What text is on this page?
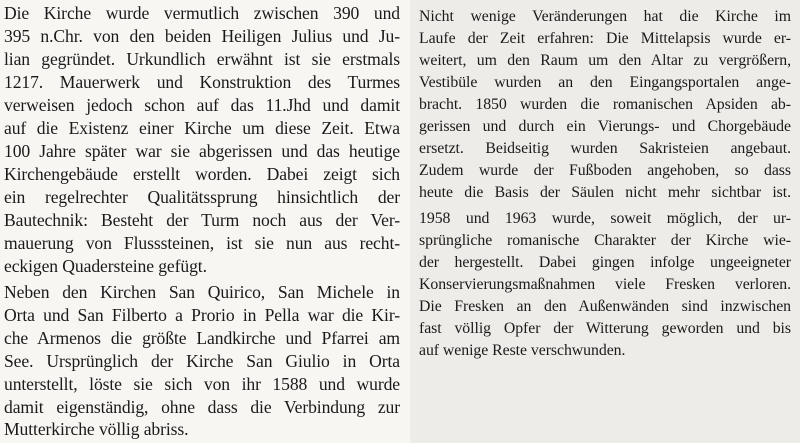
Die Kirche wurde vermutlich zwischen 390 und
395 n.Chr. von den beiden Heiligen Julius und Ju-
lian gegründet. Urkundlich erwähnt ist sie erstmals
1217. Mauerwerk und Konstruktion des Turmes
verweisen jedoch schon auf das 11.Jhd und damit
auf die Existenz einer Kirche um diese Zeit. Etwa
100 Jahre später war sie abgerissen und das heutige
Kirchengebäude erstellt worden. Dabei zeigt sich
ein regelrechter Qualitätssprung hinsichtlich der
Bautechnik: Besteht der Turm noch aus der Ver-
mauerung von Flusssteinen, ist sie nun aus recht-
eckigen Quadersteine gefügt.
Neben den Kirchen San Quirico, San Michele in
Orta und San Filberto a Prorio in Pella war die Kir-
che Armenos die größte Landkirche und Pfarrei am
See. Ursprünglich der Kirche San Giulio in Orta
unterstellt, löste sie sich von ihr 1588 und wurde
damit eigenständig, ohne dass die Verbindung zur
Mutterkirche völlig abriss.
Nicht wenige Veränderungen hat die Kirche im
Laufe der Zeit erfahren: Die Mittelapsis wurde er-
weitert, um den Raum um den Altar zu vergrößern,
Vestibüle wurden an den Eingangsportalen ange-
bracht. 1850 wurden die romanischen Apsiden ab-
gerissen und durch ein Vierungs- und Chorgebäude
ersetzt. Beidseitig wurden Sakristeien angebaut.
Zudem wurde der Fußboden angehoben, so dass
heute die Basis der Säulen nicht mehr sichtbar ist.
1958 und 1963 wurde, soweit möglich, der ur-
sprüngliche romanische Charakter der Kirche wie-
der hergestellt. Dabei gingen infolge ungeeigneter
Konservierungsmaßnahmen viele Fresken verloren.
Die Fresken an den Außenwänden sind inzwischen
fast völlig Opfer der Witterung geworden und bis
auf wenige Reste verschwunden.
